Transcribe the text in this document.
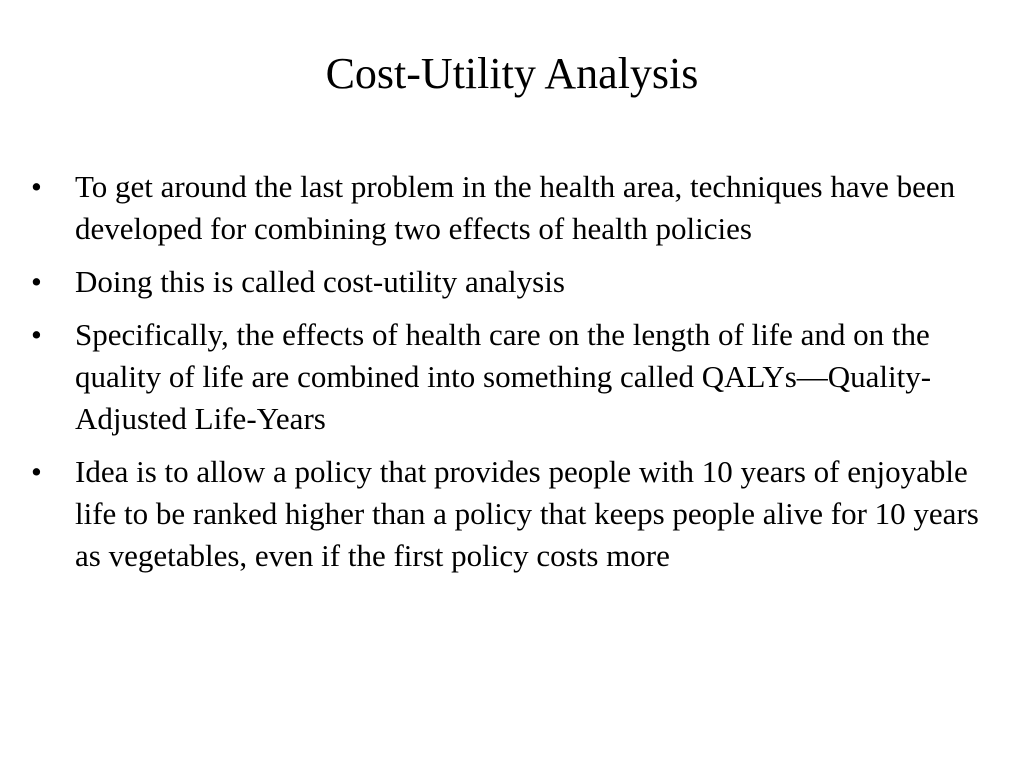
Cost-Utility Analysis
• To get around the last problem in the health area, techniques have been developed for combining two effects of health policies
• Doing this is called cost-utility analysis
• Specifically, the effects of health care on the length of life and on the quality of life are combined into something called QALYs—Quality-Adjusted Life-Years
• Idea is to allow a policy that provides people with 10 years of enjoyable life to be ranked higher than a policy that keeps people alive for 10 years as vegetables, even if the first policy costs more
